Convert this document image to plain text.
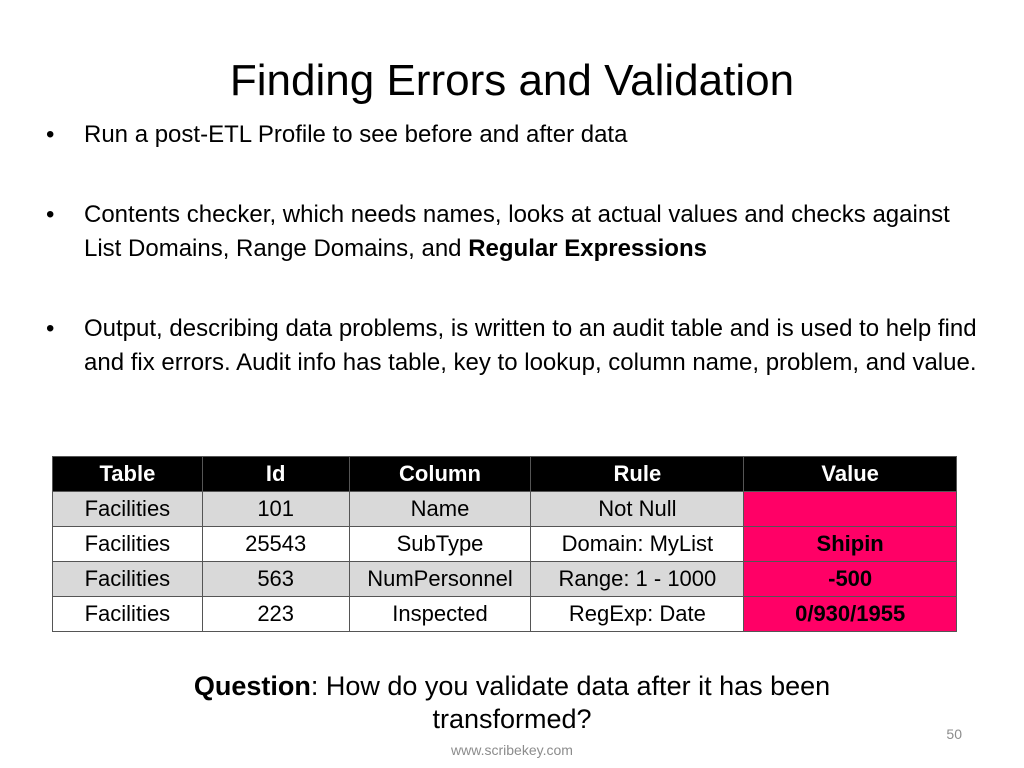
Finding Errors and Validation
• Run a post-ETL Profile to see before and after data
• Contents checker, which needs names, looks at actual values and checks against List Domains, Range Domains, and Regular Expressions
• Output, describing data problems, is written to an audit table and is used to help find and fix errors. Audit info has table, key to lookup, column name, problem, and value.
Table	Id	Column	Rule	Value
Facilities	101	Name	Not Null	
Facilities	25543	SubType	Domain: MyList	Shipin
Facilities	563	NumPersonnel	Range: 1 - 1000	-500
Facilities	223	Inspected	RegExp: Date	0/930/1955
Question: How do you validate data after it has been transformed?	50
www.scribekey.com
